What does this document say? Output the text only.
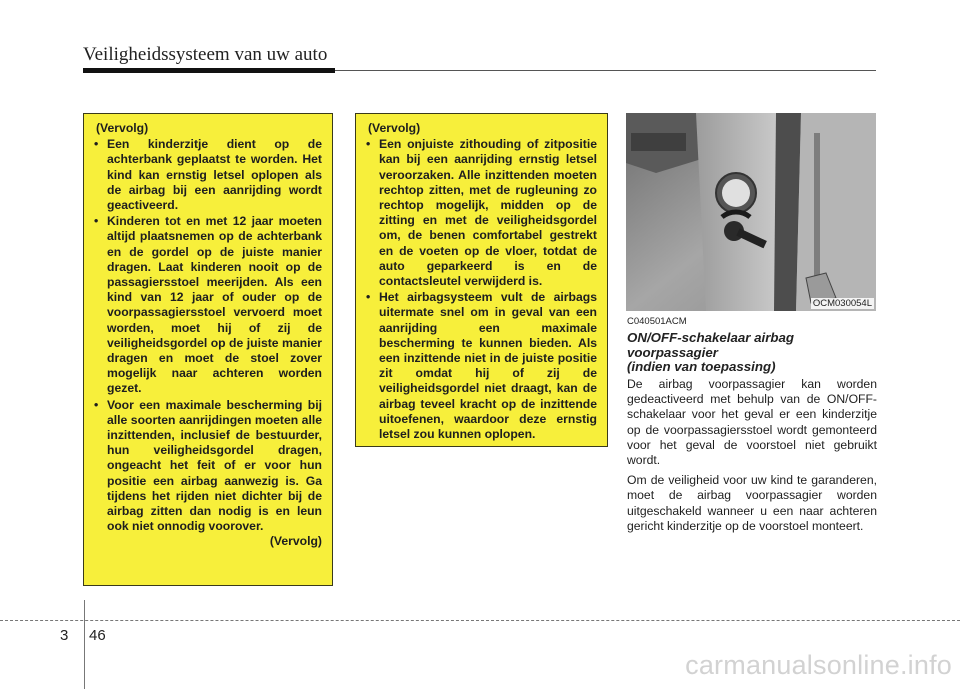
Veiligheidssysteem van uw auto
(Vervolg)
• Een kinderzitje dient op de achterbank geplaatst te worden. Het kind kan ernstig letsel oplopen als de airbag bij een aanrijding wordt geactiveerd.
• Kinderen tot en met 12 jaar moeten altijd plaatsnemen op de achterbank en de gordel op de juiste manier dragen. Laat kinderen nooit op de passagiersstoel meerijden. Als een kind van 12 jaar of ouder op de voorpassagiersstoel vervoerd moet worden, moet hij of zij de veiligheidsgordel op de juiste manier dragen en moet de stoel zover mogelijk naar achteren worden gezet.
• Voor een maximale bescherming bij alle soorten aanrijdingen moeten alle inzittenden, inclusief de bestuurder, hun veiligheidsgordel dragen, ongeacht het feit of er voor hun positie een airbag aanwezig is. Ga tijdens het rijden niet dichter bij de airbag zitten dan nodig is en leun ook niet onnodig voorover.
(Vervolg)
(Vervolg)
• Een onjuiste zithouding of zitpositie kan bij een aanrijding ernstig letsel veroorzaken. Alle inzittenden moeten rechtop zitten, met de rugleuning zo rechtop mogelijk, midden op de zitting en met de veiligheidsgordel om, de benen comfortabel gestrekt en de voeten op de vloer, totdat de auto geparkeerd is en de contactsleutel verwijderd is.
• Het airbagsysteem vult de airbags uitermate snel om in geval van een aanrijding een maximale bescherming te kunnen bieden. Als een inzittende niet in de juiste positie zit omdat hij of zij de veiligheidsgordel niet draagt, kan de airbag teveel kracht op de inzittende uitoefenen, waardoor deze ernstig letsel zou kunnen oplopen.
OCM030054L
C040501ACM
ON/OFF-schakelaar airbag
voorpassagier
(indien van toepassing)

De airbag voorpassagier kan worden gedeactiveerd met behulp van de ON/OFF-schakelaar voor het geval er een kinderzitje op de voorpassagiersstoel wordt gemonteerd voor het geval de voorstoel niet gebruikt wordt.

Om de veiligheid voor uw kind te garanderen, moet de airbag voorpassagier worden uitgeschakeld wanneer u een naar achteren gericht kinderzitje op de voorstoel monteert.

3 46
carmanualsonline.info
